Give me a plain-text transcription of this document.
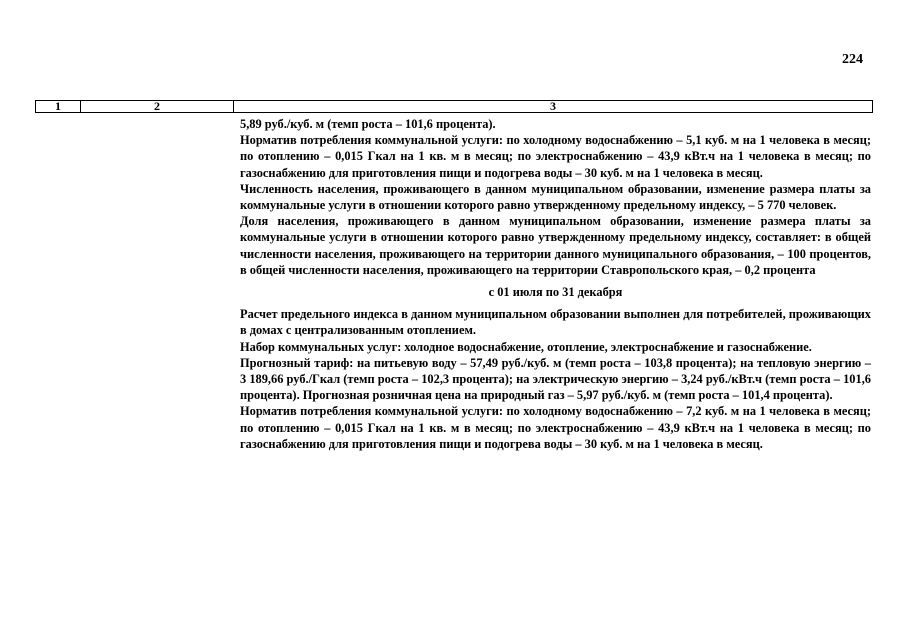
224
1	2	3

5,89 руб./куб. м (темп роста – 101,6 процента).

Норматив потребления коммунальной услуги: по холодному водоснабжению – 5,1 куб. м на 1 человека в месяц; по отоплению – 0,015 Гкал на 1 кв. м в месяц; по электроснабжению – 43,9 кВт.ч на 1 человека в месяц; по газоснабжению для приготовления пищи и подогрева воды – 30 куб. м на 1 человека в месяц.

Численность населения, проживающего в данном муниципальном образовании, изменение размера платы за коммунальные услуги в отношении которого равно утвержденному предельному индексу, – 5 770 человек.

Доля населения, проживающего в данном муниципальном образовании, изменение размера платы за коммунальные услуги в отношении которого равно утвержденному предельному индексу, составляет: в общей численности населения, проживающего на территории данного муниципального образования, – 100 процентов, в общей численности населения, проживающего на территории Ставропольского края, – 0,2 процента

с 01 июля по 31 декабря

Расчет предельного индекса в данном муниципальном образовании выполнен для потребителей, проживающих в домах с централизованным отоплением.

Набор коммунальных услуг: холодное водоснабжение, отопление, электроснабжение и газоснабжение.

Прогнозный тариф: на питьевую воду – 57,49 руб./куб. м (темп роста – 103,8 процента); на тепловую энергию – 3 189,66 руб./Гкал (темп роста – 102,3 процента); на электрическую энергию – 3,24 руб./кВт.ч (темп роста – 101,6 процента). Прогнозная розничная цена на природный газ – 5,97 руб./куб. м (темп роста – 101,4 процента).

Норматив потребления коммунальной услуги: по холодному водоснабжению – 7,2 куб. м на 1 человека в месяц; по отоплению – 0,015 Гкал на 1 кв. м в месяц; по электроснабжению – 43,9 кВт.ч на 1 человека в месяц; по газоснабжению для приготовления пищи и подогрева воды – 30 куб. м на 1 человека в месяц.
